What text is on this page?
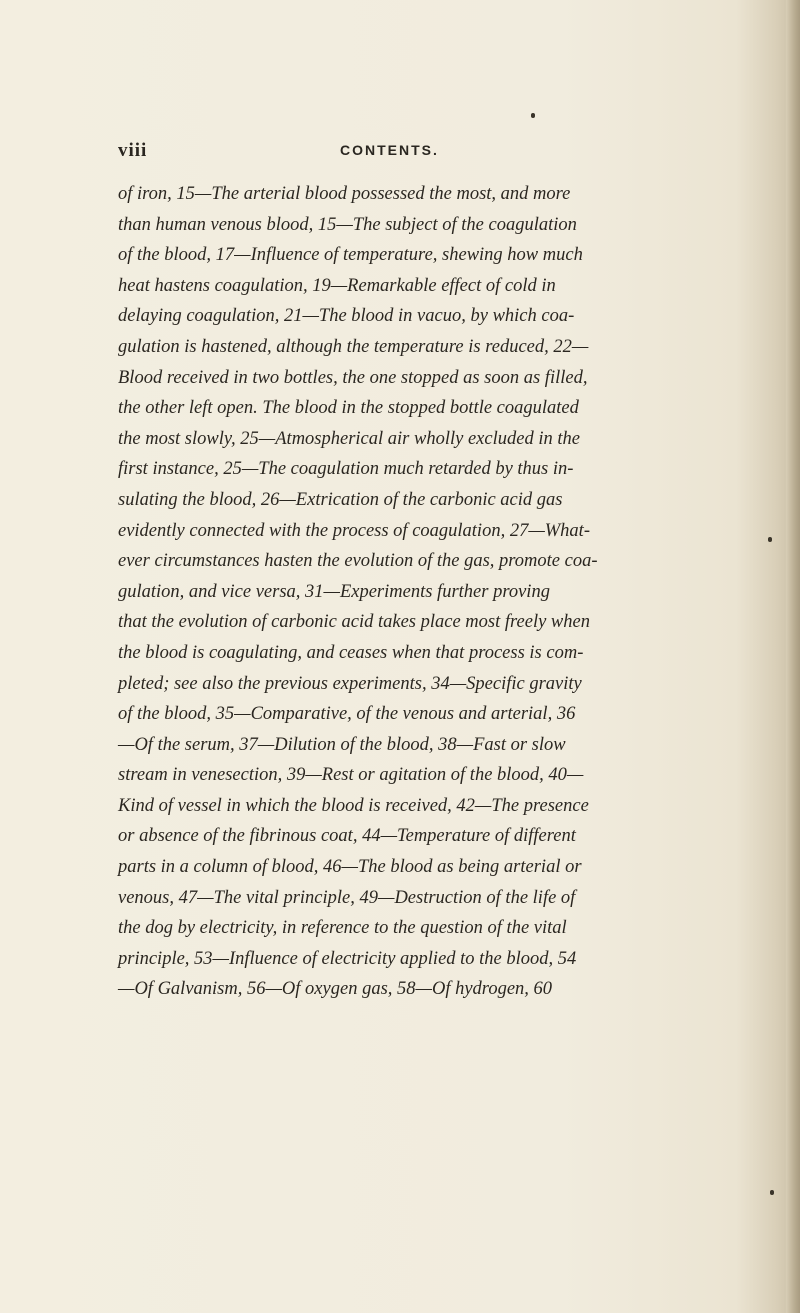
viii	CONTENTS.
of iron, 15—The arterial blood possessed the most, and more
than human venous blood, 15—The subject of the coagulation
of the blood, 17—Influence of temperature, shewing how much
heat hastens coagulation, 19—Remarkable effect of cold in
delaying coagulation, 21—The blood in vacuo, by which coa-
gulation is hastened, although the temperature is reduced, 22—
Blood received in two bottles, the one stopped as soon as filled,
the other left open. The blood in the stopped bottle coagulated
the most slowly, 25—Atmospherical air wholly excluded in the
first instance, 25—The coagulation much retarded by thus in-
sulating the blood, 26—Extrication of the carbonic acid gas
evidently connected with the process of coagulation, 27—What-
ever circumstances hasten the evolution of the gas, promote coa-
gulation, and vice versa, 31—Experiments further proving
that the evolution of carbonic acid takes place most freely when
the blood is coagulating, and ceases when that process is com-
pleted; see also the previous experiments, 34—Specific gravity
of the blood, 35—Comparative, of the venous and arterial, 36
—Of the serum, 37—Dilution of the blood, 38—Fast or slow
stream in venesection, 39—Rest or agitation of the blood, 40—
Kind of vessel in which the blood is received, 42—The presence
or absence of the fibrinous coat, 44—Temperature of different
parts in a column of blood, 46—The blood as being arterial or
venous, 47—The vital principle, 49—Destruction of the life of
the dog by electricity, in reference to the question of the vital
principle, 53—Influence of electricity applied to the blood, 54
—Of Galvanism, 56—Of oxygen gas, 58—Of hydrogen, 60
